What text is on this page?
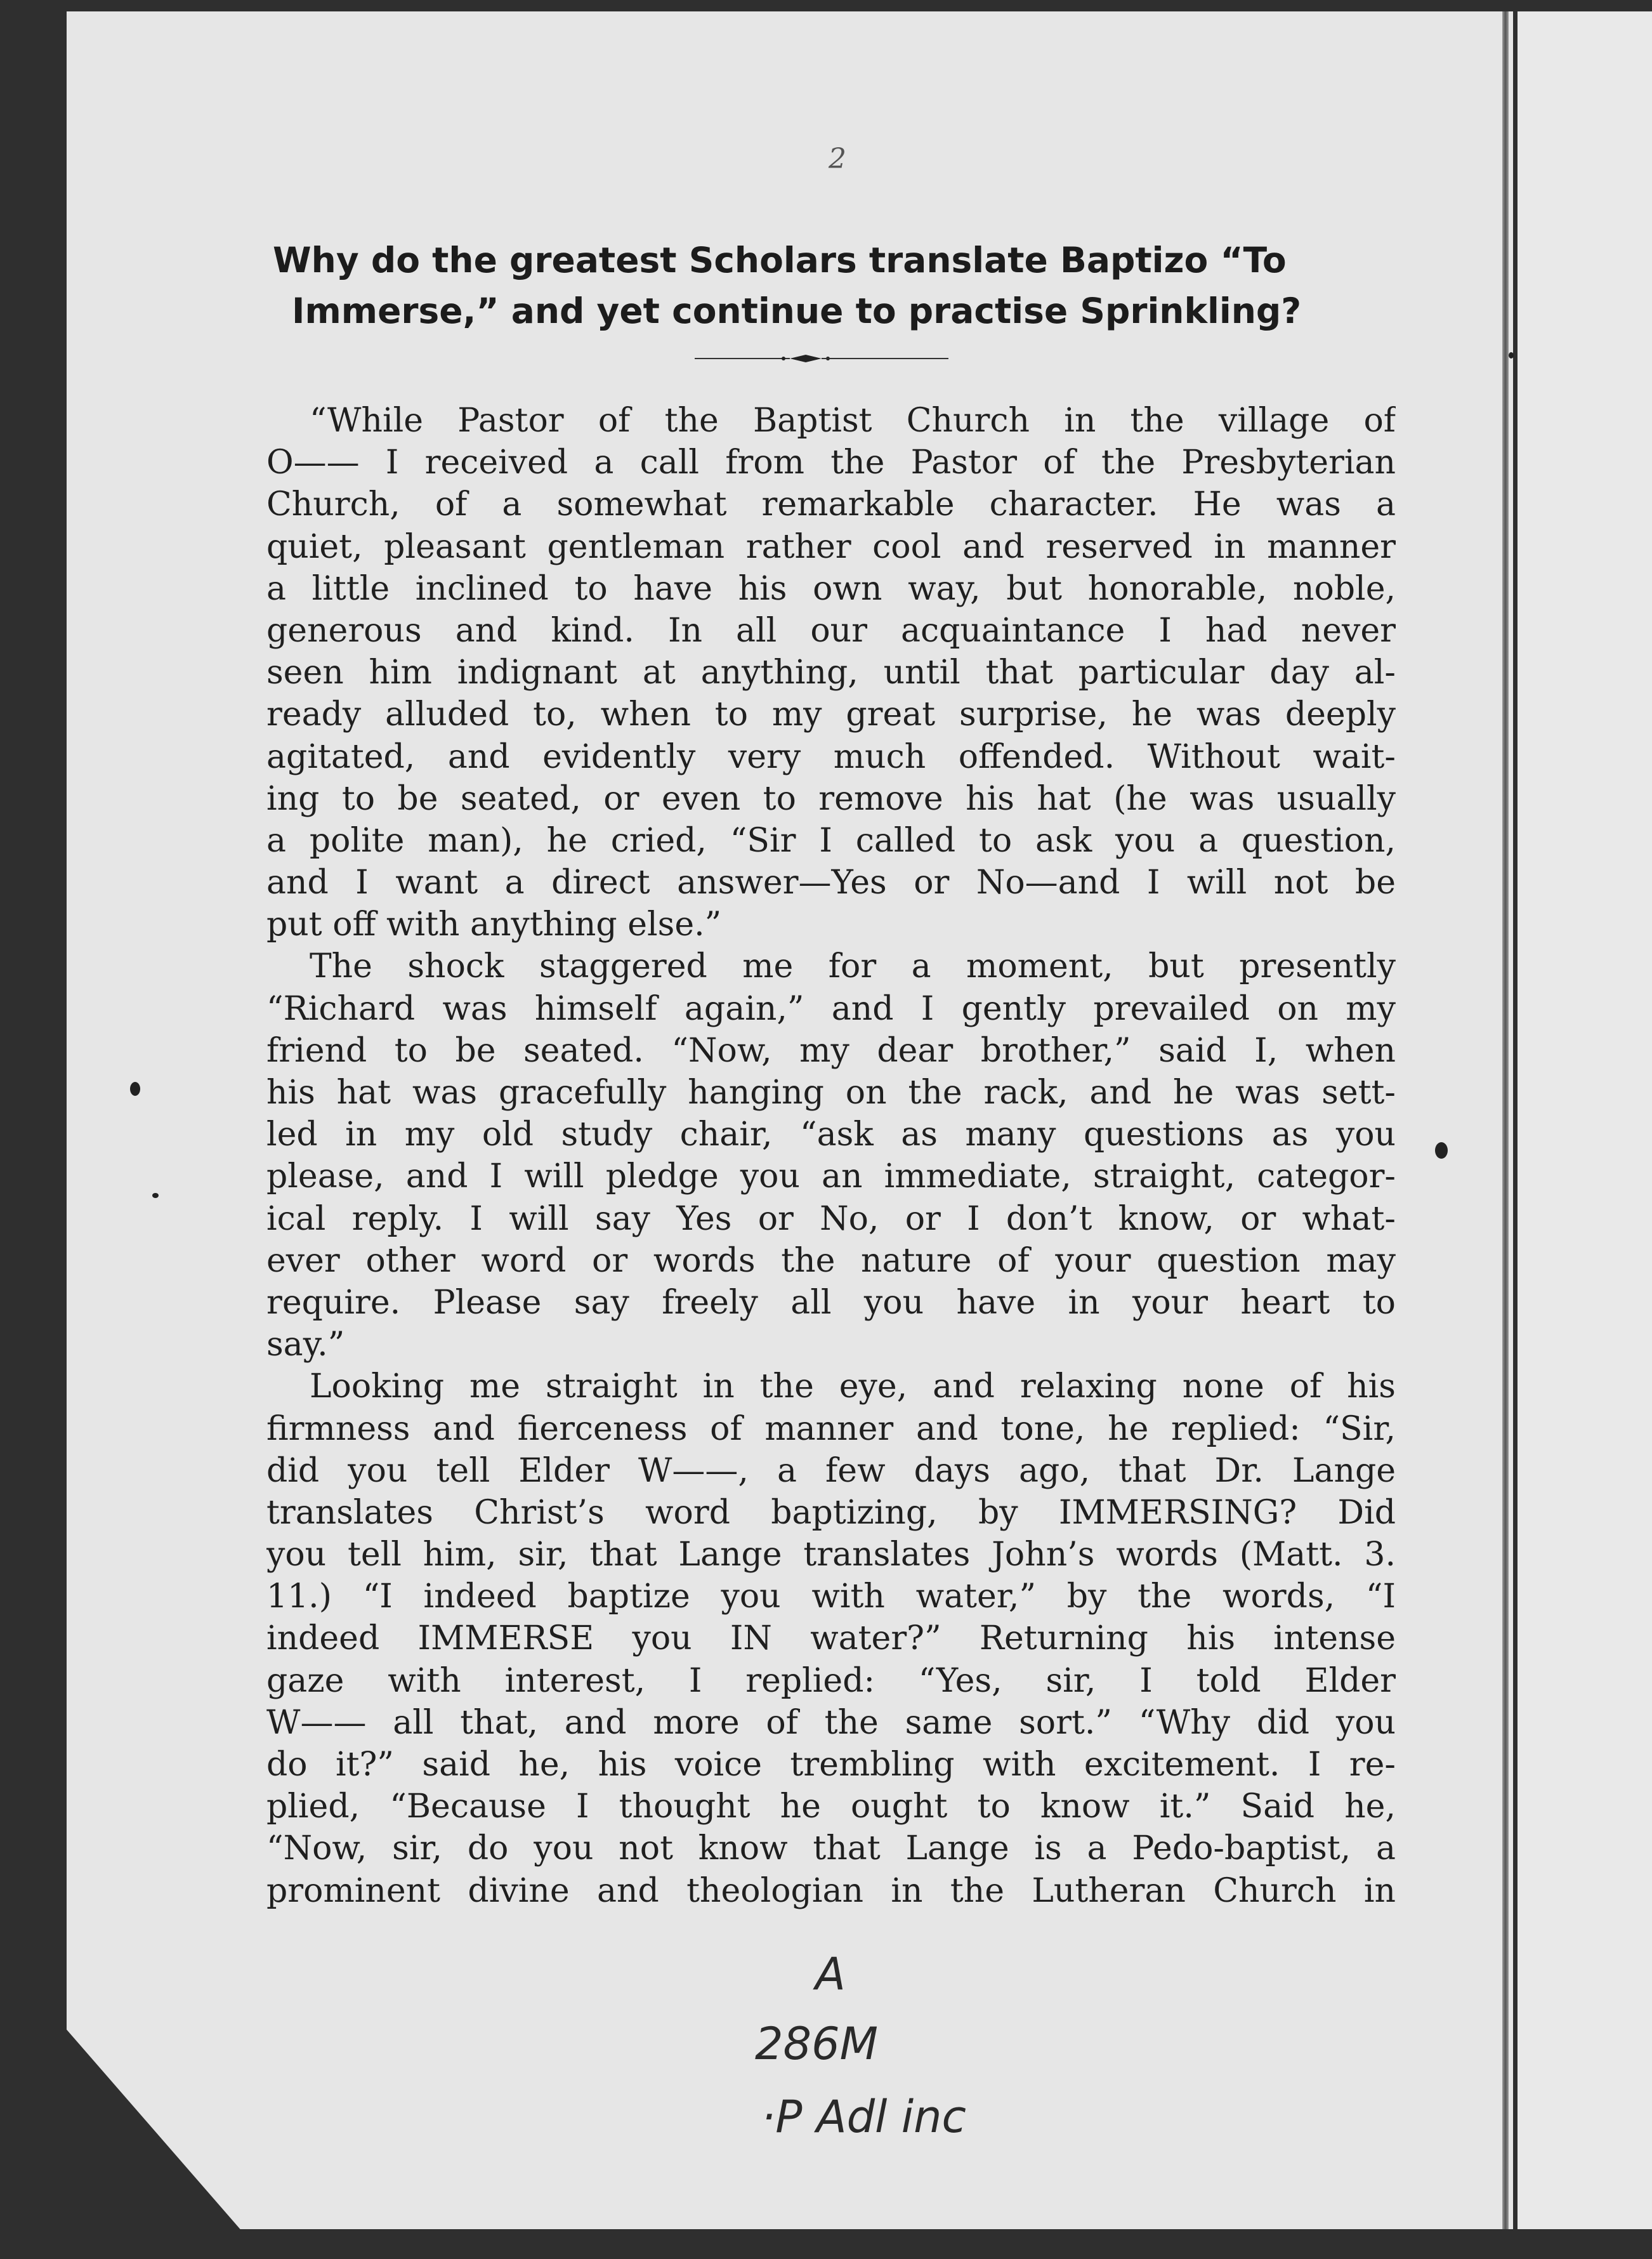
2
Why do the greatest Scholars translate Baptizo “To
Immerse,” and yet continue to practise Sprinkling?
“While Pastor of the Baptist Church in the village of
O—— I received a call from the Pastor of the Presbyterian
Church, of a somewhat remarkable character. He was a
quiet, pleasant gentleman rather cool and reserved in manner
a little inclined to have his own way, but honorable, noble,
generous and kind. In all our acquaintance I had never
seen him indignant at anything, until that particular day al-
ready alluded to, when to my great surprise, he was deeply
agitated, and evidently very much offended. Without wait-
ing to be seated, or even to remove his hat (he was usually
a polite man), he cried, “Sir I called to ask you a question,
and I want a direct answer—Yes or No—and I will not be
put off with anything else.”
The shock staggered me for a moment, but presently
“Richard was himself again,” and I gently prevailed on my
friend to be seated. “Now, my dear brother,” said I, when
his hat was gracefully hanging on the rack, and he was sett-
led in my old study chair, “ask as many questions as you
please, and I will pledge you an immediate, straight, categor-
ical reply. I will say Yes or No, or I don’t know, or what-
ever other word or words the nature of your question may
require. Please say freely all you have in your heart to
say.”
Looking me straight in the eye, and relaxing none of his
firmness and fierceness of manner and tone, he replied: “Sir,
did you tell Elder W——, a few days ago, that Dr. Lange
translates Christ’s word baptizing, by IMMERSING? Did
you tell him, sir, that Lange translates John’s words (Matt. 3.
11.) “I indeed baptize you with water,” by the words, “I
indeed IMMERSE you IN water?” Returning his intense
gaze with interest, I replied: “Yes, sir, I told Elder
W—— all that, and more of the same sort.” “Why did you
do it?” said he, his voice trembling with excitement. I re-
plied, “Because I thought he ought to know it.” Said he,
“Now, sir, do you not know that Lange is a Pedo-baptist, a
prominent divine and theologian in the Lutheran Church in
A
286M
·P Adl inc
